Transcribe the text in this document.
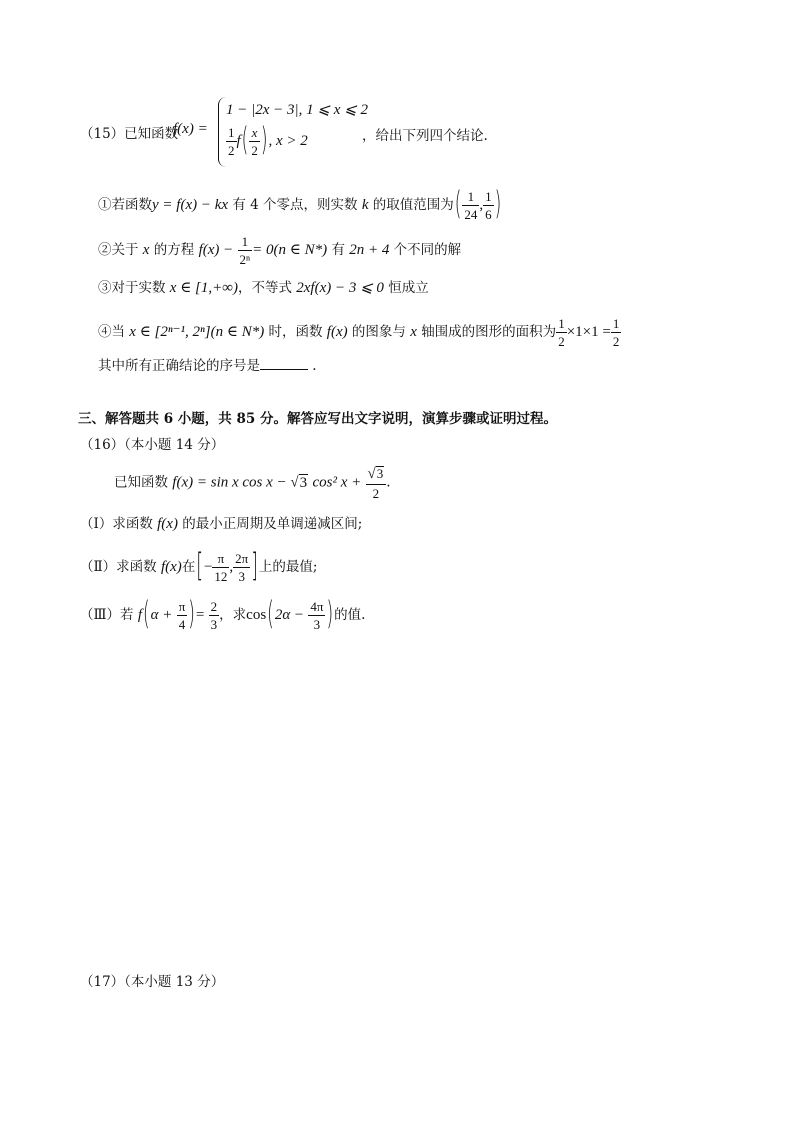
（15）已知函数
f(x) =
1 − |2x − 3|, 1 ⩽ x ⩽ 2
$\frac{1}{2} f( \frac{x}{2}$ ), x > 2	，给出下列四个结论.
①若函数y = f(x) − kx 有 4 个零点，则实数 k 的取值范围为( $\frac{1}{24}$ , $\frac{1}{6}$ )
②关于 x 的方程 $f(x) - \frac{1}{\text{2ⁿ}} = 0(n$ ∈ N*) 有 2n + 4 个不同的解
③对于实数 x ∈ [1,+∞)，不等式 2xf(x) − 3 ⩽ 0 恒成立
④当 x ∈ [2ⁿ⁻¹, 2ⁿ](n ∈ N*) 时，函数 f(x) 的图象与 x 轴围成的图形的面积为 $\frac{1}{2} \times 1\times 1 = \frac{1}{2}$
其中所有正确结论的序号是	.
三、解答题共 6 小题，共 85 分。解答应写出文字说明，演算步骤或证明过程。
（16）（本小题 14 分）
已知函数 f(x) = sin x cos x − √3 cos² $x + \frac{√3}{2}$ .
（Ⅰ）求函数 f(x) 的最小正周期及单调递减区间;
（Ⅱ）求函数 f(x)在[− $\frac{\pi}{12}$ , $\frac{2\pi}{3}$ ]上的最值;
（Ⅲ）若 $f(\alpha + \frac{\pi}{4}$ )= $\frac{2}{3}$ ，求$\cos(2\alpha - \frac{4\pi}{3}$ )的值.
（17）（本小题 13 分）
